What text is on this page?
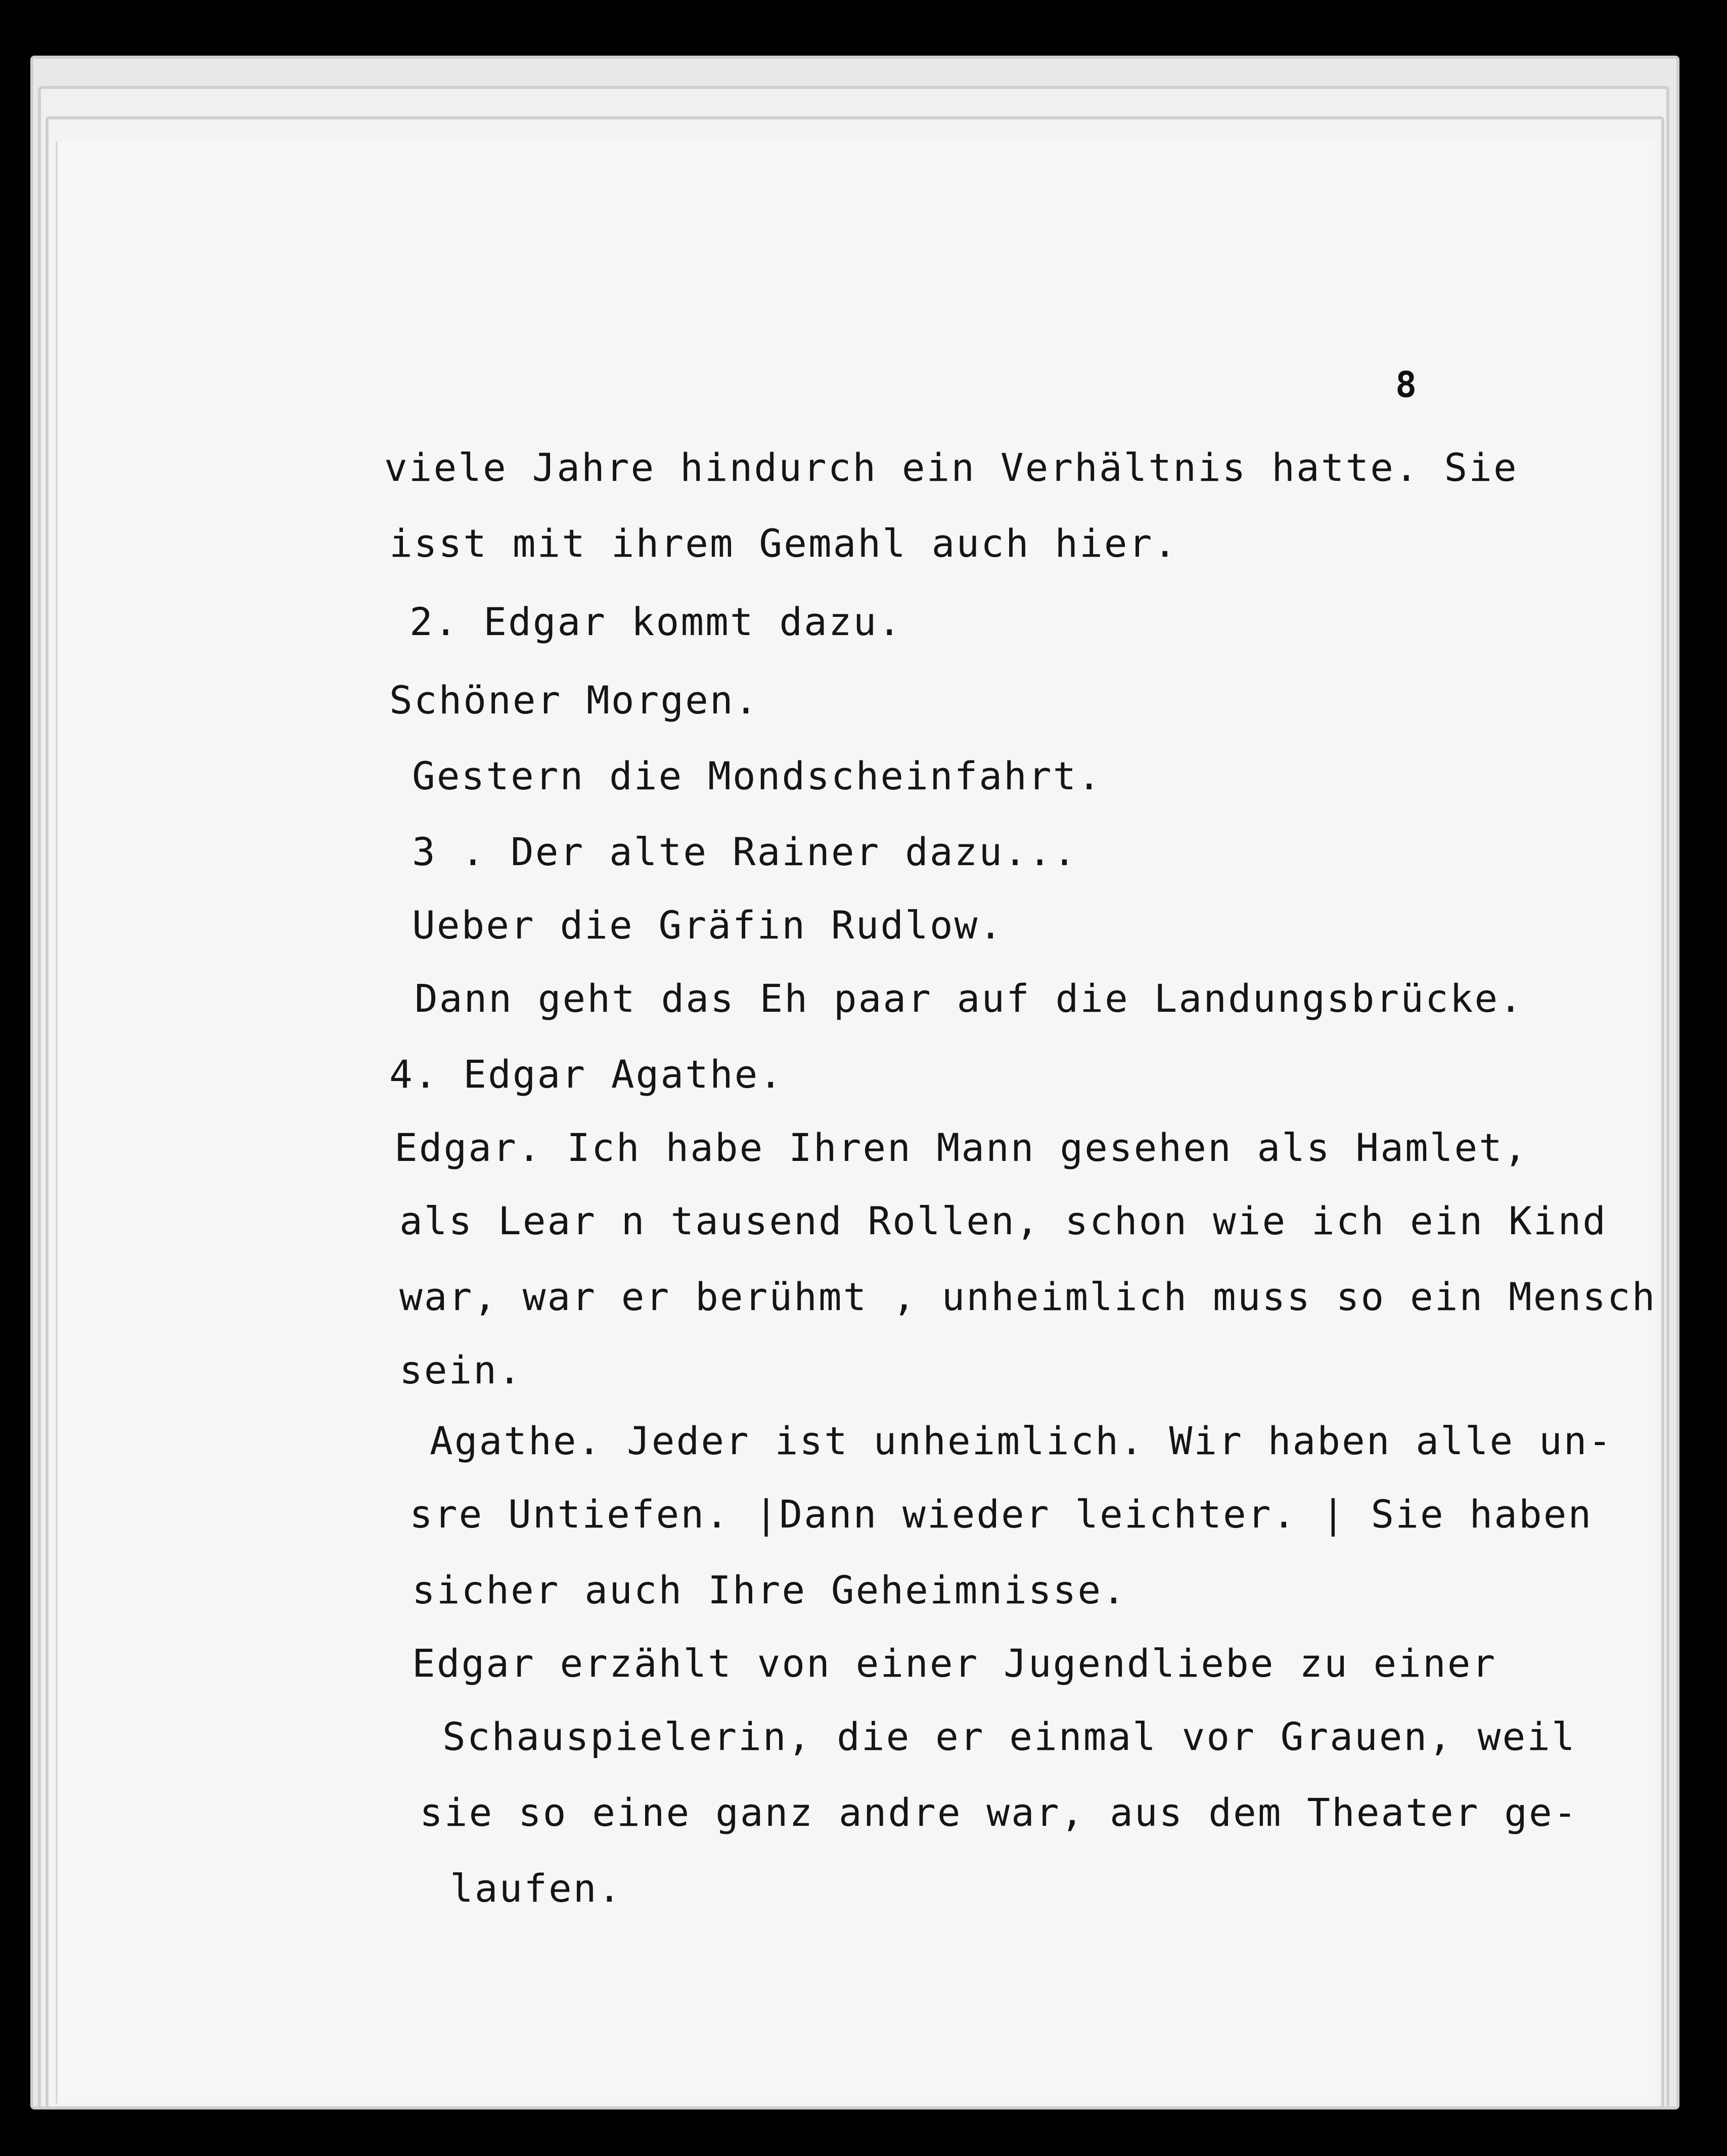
8
viele Jahre hindurch ein Verhältnis hatte. Sie
isst mit ihrem Gemahl auch hier.
2. Edgar kommt dazu.
Schöner Morgen.
Gestern die Mondscheinfahrt.
3 . Der alte Rainer dazu...
Ueber die Gräfin Rudlow.
Dann geht das Eh paar auf die Landungsbrücke.
4. Edgar Agathe.
Edgar. Ich habe Ihren Mann gesehen als Hamlet,
als Lear n tausend Rollen, schon wie ich ein Kind
war, war er berühmt , unheimlich muss so ein Mensch
sein.
Agathe. Jeder ist unheimlich. Wir haben alle un-
sre Untiefen. |Dann wieder leichter. | Sie haben
sicher auch Ihre Geheimnisse.
Edgar erzählt von einer Jugendliebe zu einer
Schauspielerin, die er einmal vor Grauen, weil
sie so eine ganz andre war, aus dem Theater ge-
laufen.
